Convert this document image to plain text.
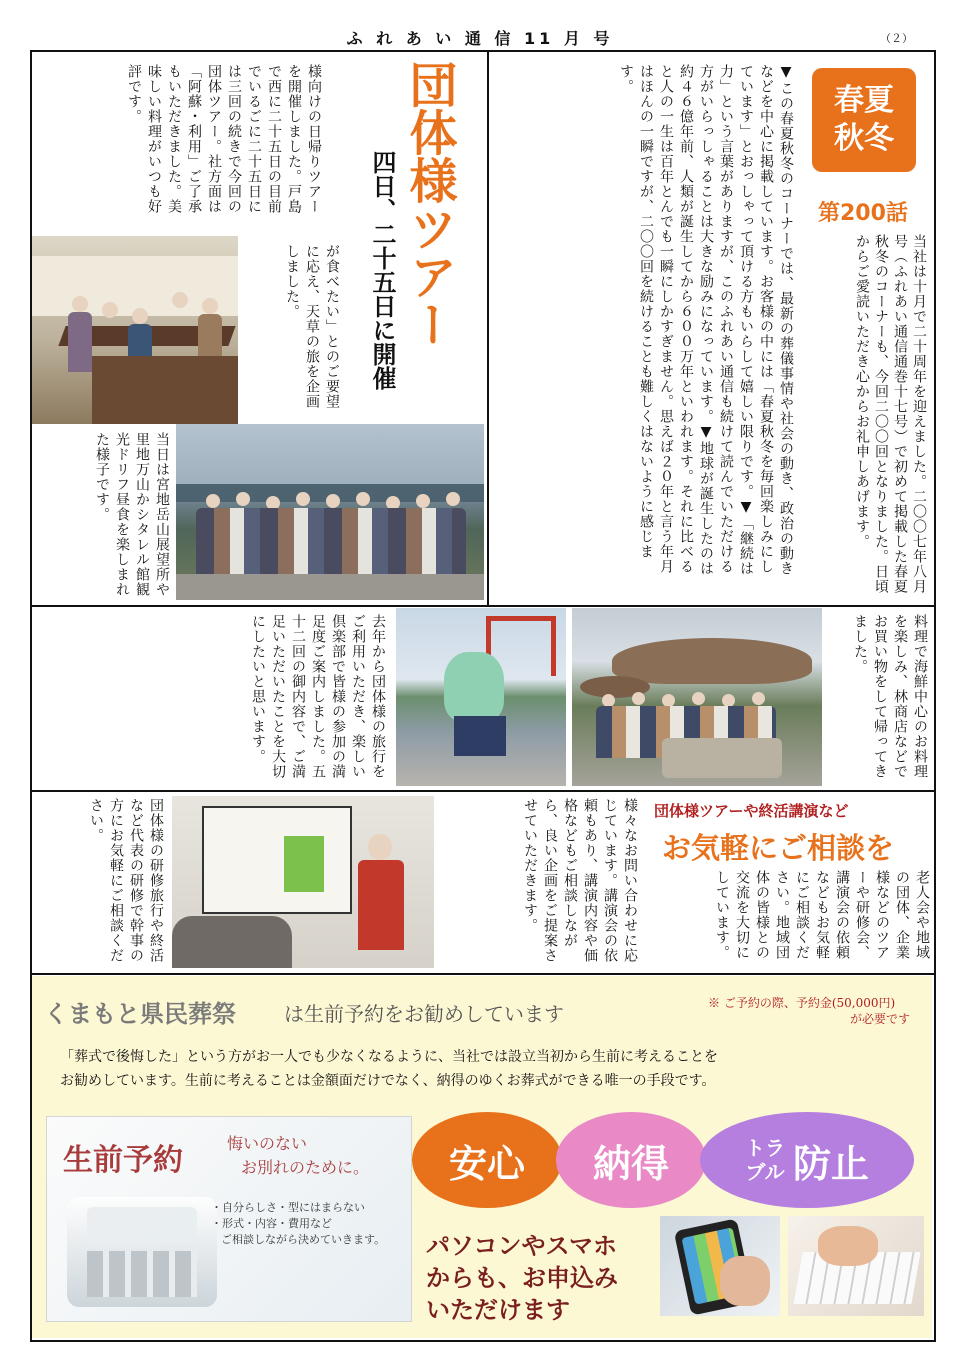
ふ れ あ い 通 信 11 月 号	（２）
様向けの日帰りツアーを開催しました。戸島で西に二十五日の目前でいるごに二十五日には三回の続きで今回の団体ツアー。社方面は「阿蘇・利用」ご了承もいただきました。美味しい料理がいつも好評です。	団体様ツアー
四日、二十五日に開催
が食べたい」とのご要望に応え、天草の旅を企画しました。
当日は宮地岳山展望所や里地万山かシタレル館観光ドリフ昼食を楽しまれた様子です。	▼この春夏秋冬のコーナーでは、最新の葬儀事情や社会の動き、政治の動きなどを中心に掲載しています。お客様の中には「春夏秋冬を毎回楽しみにしています」とおっしゃって頂ける方もいらして嬉しい限りです。▼「継続は力」という言葉がありますが、このふれあい通信も続けて読んでいただける方がいらっしゃることは大きな励みになっています。▼地球が誕生したのは約４６億年前、人類が誕生してから６００万年といわれます。それに比べると人の一生は百年とんでも一瞬にしかすぎません。思えば２０年と言う年月はほんの一瞬ですが、二〇〇回を続けることも難しくはないように感じます。
春夏秋冬
第200話
当社は十月で二十周年を迎えました。二〇〇七年八月号（ふれあい通信通巻十七号）で初めて掲載した春夏秋冬のコーナーも、今回二〇〇回となりました。日頃からご愛読いただき心からお礼申しあげます。
去年から団体様の旅行をご利用いただき、楽しい倶楽部で皆様の参加の満足度ご案内しました。五十二回の御内容で、ご満足いただいたことを大切にしたいと思います。	料理で海鮮中心のお料理を楽しみ、林商店などでお買い物をして帰ってきました。
団体様の研修旅行や終活など代表の研修で幹事の方にお気軽にご相談ください。	様々なお問い合わせに応じています。講演会の依頼もあり、講演内容や価格などもご相談しながら、良い企画をご提案させていただきます。	団体様ツアーや終活講演など
お気軽にご相談を
老人会や地域の団体、企業様などのツアーや研修会、講演会の依頼などもお気軽にご相談ください。地域団体の皆様との交流を大切にしています。
くまもと県民葬祭 は生前予約をお勧めしています	※ ご予約の際、予約金(50,000円)
が必要です
「葬式で後悔した」という方がお一人でも少なくなるように、当社では設立当初から生前に考えることを
お勧めしています。生前に考えることは金額面だけでなく、納得のゆくお葬式ができる唯一の手段です。
生前予約	悔いのない
お別れのために。
・自分らしさ・型にはまらない
・形式・内容・費用など
ご相談しながら決めていきます。
安心 納得	トラ
ブル 防止
パソコンやスマホ
からも、お申込み
いただけます
